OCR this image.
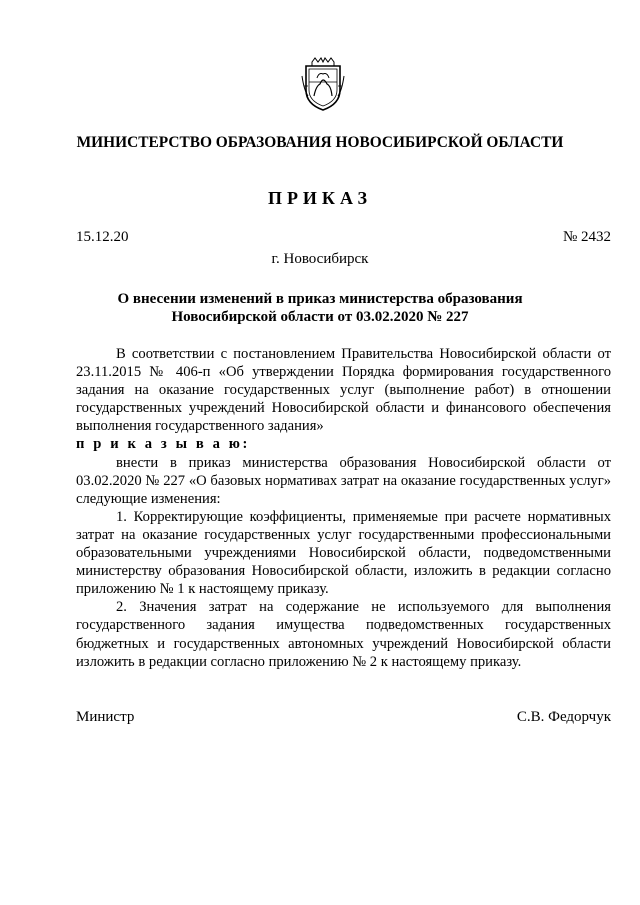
МИНИСТЕРСТВО ОБРАЗОВАНИЯ НОВОСИБИРСКОЙ ОБЛАСТИ
ПРИКАЗ
15.12.20	№ 2432
г. Новосибирск
О внесении изменений в приказ министерства образования
Новосибирской области от 03.02.2020 № 227

В соответствии с постановлением Правительства Новосибирской области от 23.11.2015 № 406-п «Об утверждении Порядка формирования государственного задания на оказание государственных услуг (выполнение работ) в отношении государственных учреждений Новосибирской области и финансового обеспечения выполнения государственного задания»

п р и к а з ы в а ю:

внести в приказ министерства образования Новосибирской области от 03.02.2020 № 227 «О базовых нормативах затрат на оказание государственных услуг» следующие изменения:

1. Корректирующие коэффициенты, применяемые при расчете нормативных затрат на оказание государственных услуг государственными профессиональными образовательными учреждениями Новосибирской области, подведомственными министерству образования Новосибирской области, изложить в редакции согласно приложению № 1 к настоящему приказу.

2. Значения затрат на содержание не используемого для выполнения государственного задания имущества подведомственных государственных бюджетных и государственных автономных учреждений Новосибирской области изложить в редакции согласно приложению № 2 к настоящему приказу.

Министр	С.В. Федорчук
